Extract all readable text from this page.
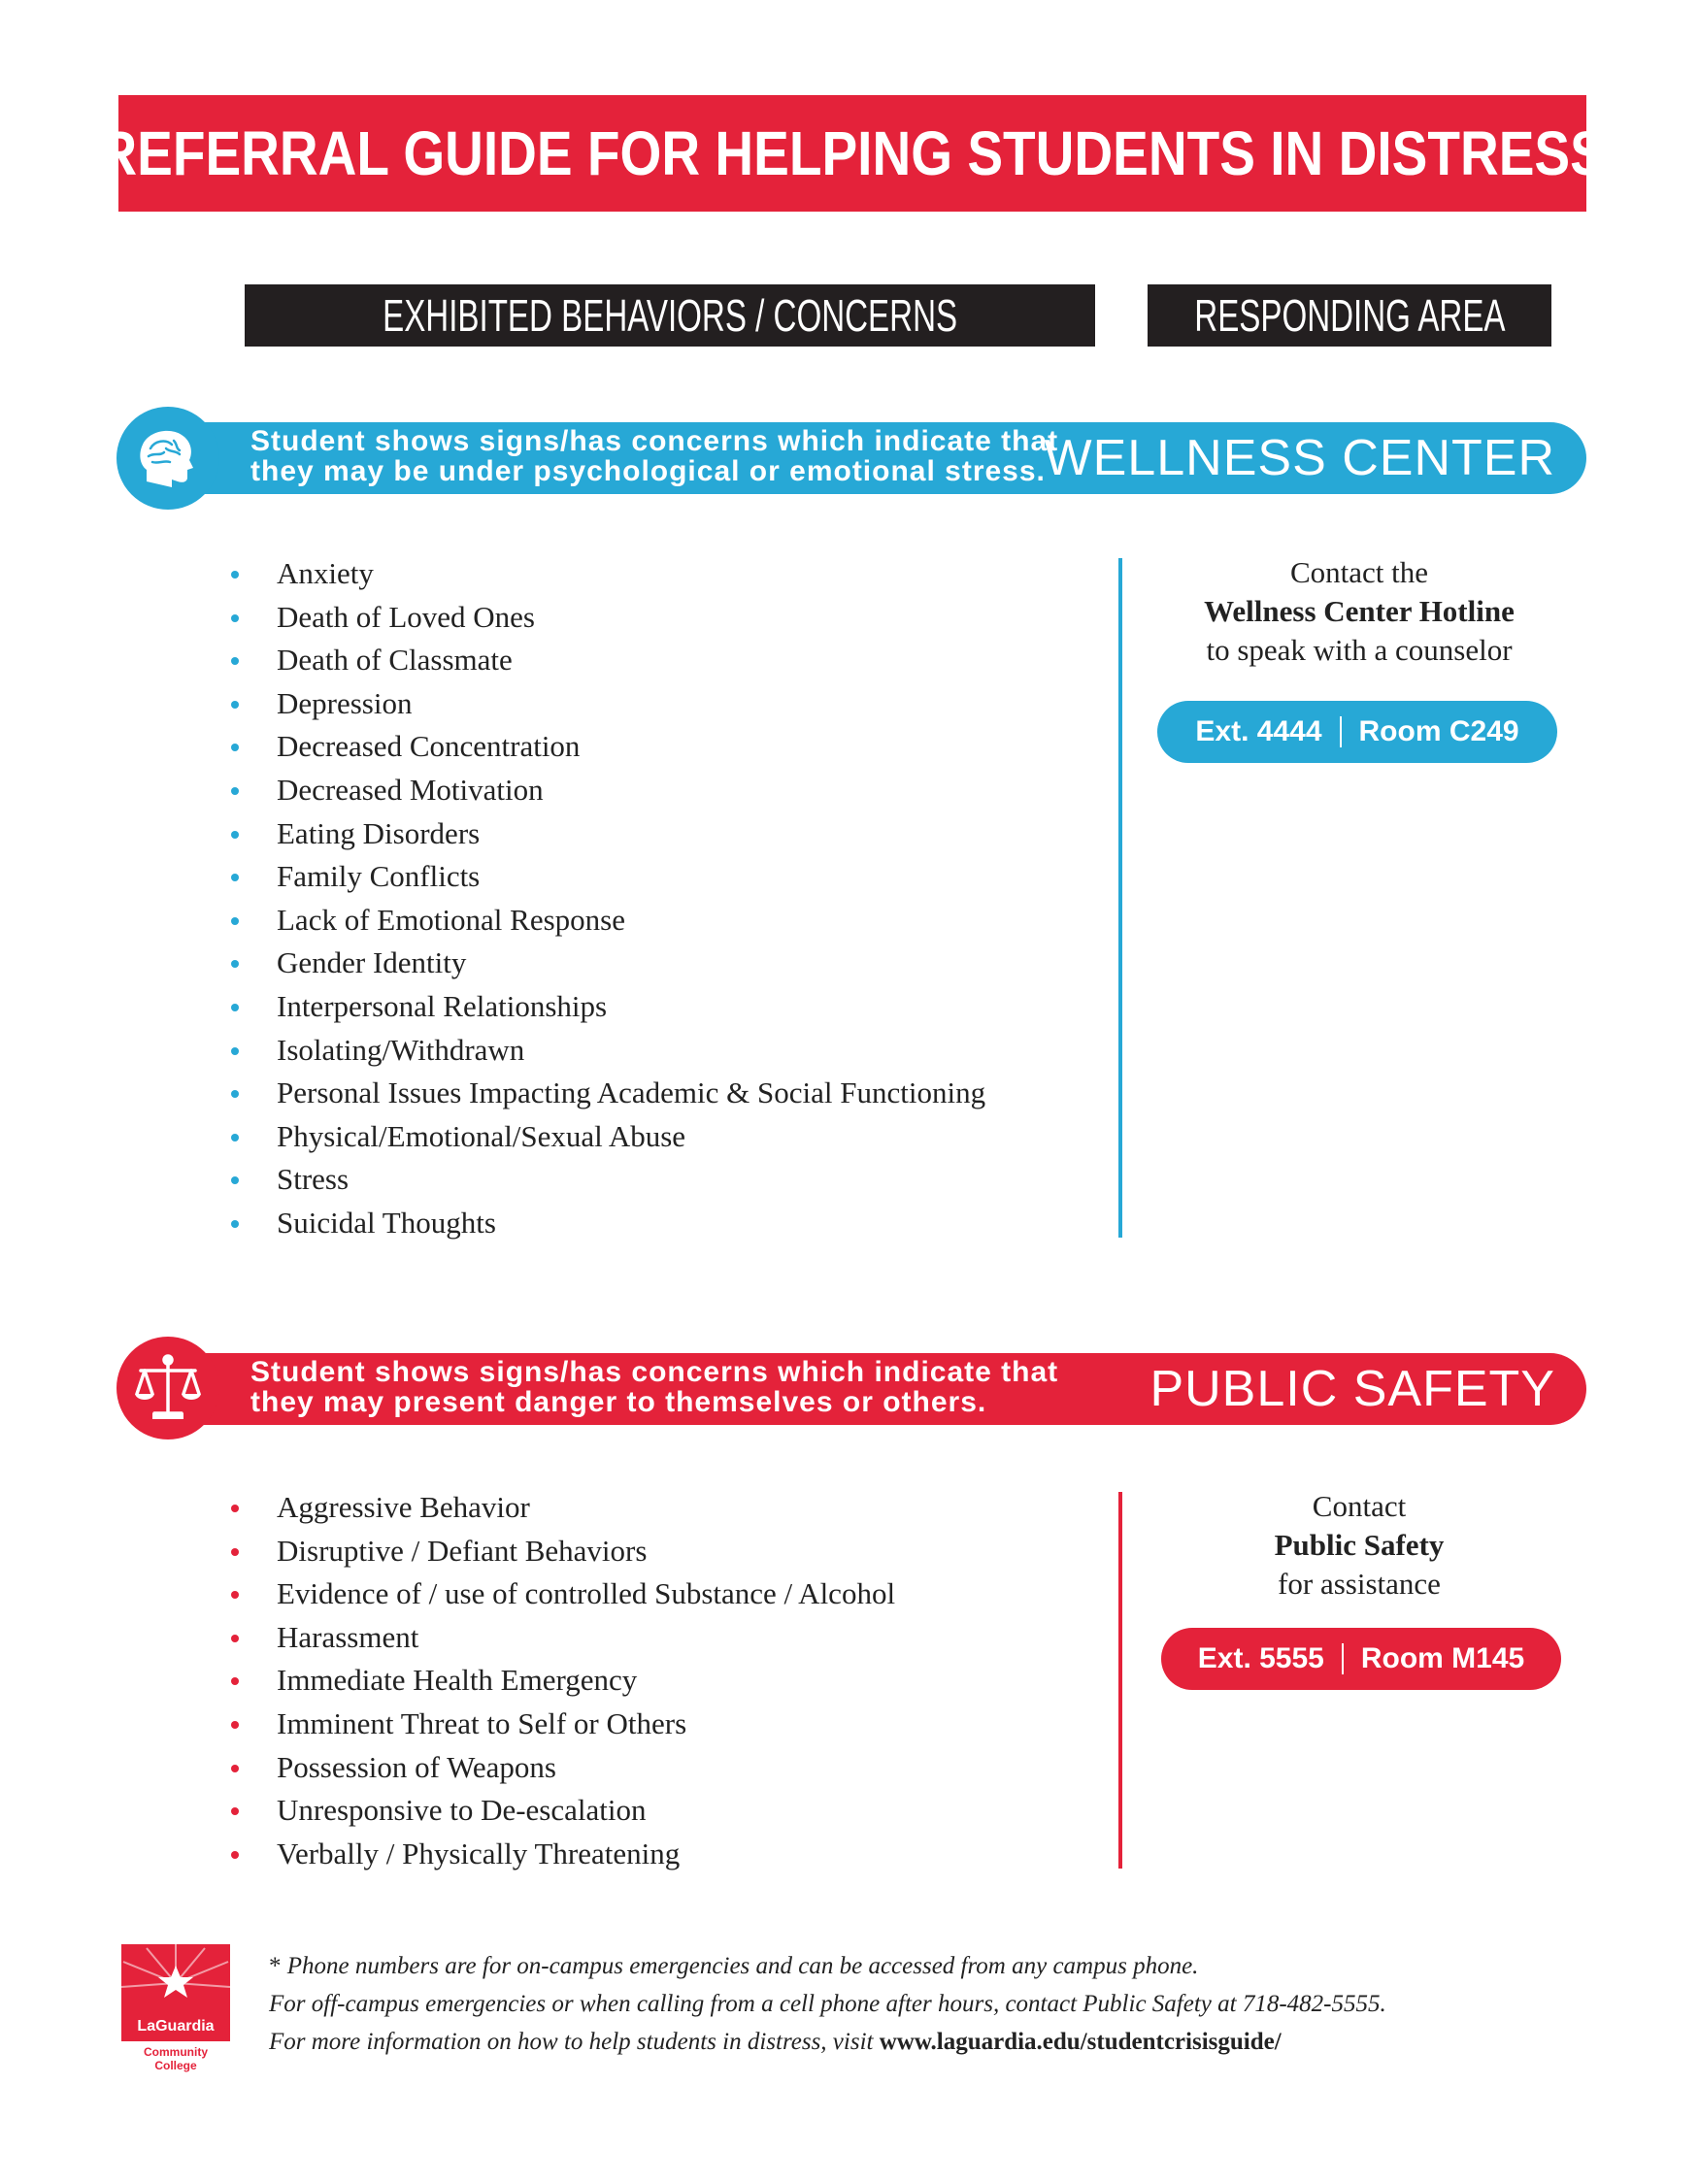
REFERRAL GUIDE FOR HELPING STUDENTS IN DISTRESS
EXHIBITED BEHAVIORS / CONCERNS	RESPONDING AREA
Student shows signs/has concerns which indicate that
they may be under psychological or emotional stress.
WELLNESS CENTER
Anxiety
Death of Loved Ones
Death of Classmate
Depression
Decreased Concentration
Decreased Motivation
Eating Disorders
Family Conflicts
Lack of Emotional Response
Gender Identity
Interpersonal Relationships
Isolating/Withdrawn
Personal Issues Impacting Academic & Social Functioning
Physical/Emotional/Sexual Abuse
Stress
Suicidal Thoughts
Contact the
Wellness Center Hotline
to speak with a counselor
Ext. 4444 Room C249
Student shows signs/has concerns which indicate that
they may present danger to themselves or others.	PUBLIC SAFETY
Aggressive Behavior
Disruptive / Defiant Behaviors
Evidence of / use of controlled Substance / Alcohol
Harassment
Immediate Health Emergency
Imminent Threat to Self or Others
Possession of Weapons
Unresponsive to De-escalation
Verbally / Physically Threatening
Contact
Public Safety
for assistance
Ext. 5555 Room M145
LaGuardia
Community College
* Phone numbers are for on-campus emergencies and can be accessed from any campus phone.
For off-campus emergencies or when calling from a cell phone after hours, contact Public Safety at 718-482-5555.
For more information on how to help students in distress, visit www.laguardia.edu/studentcrisisguide/
